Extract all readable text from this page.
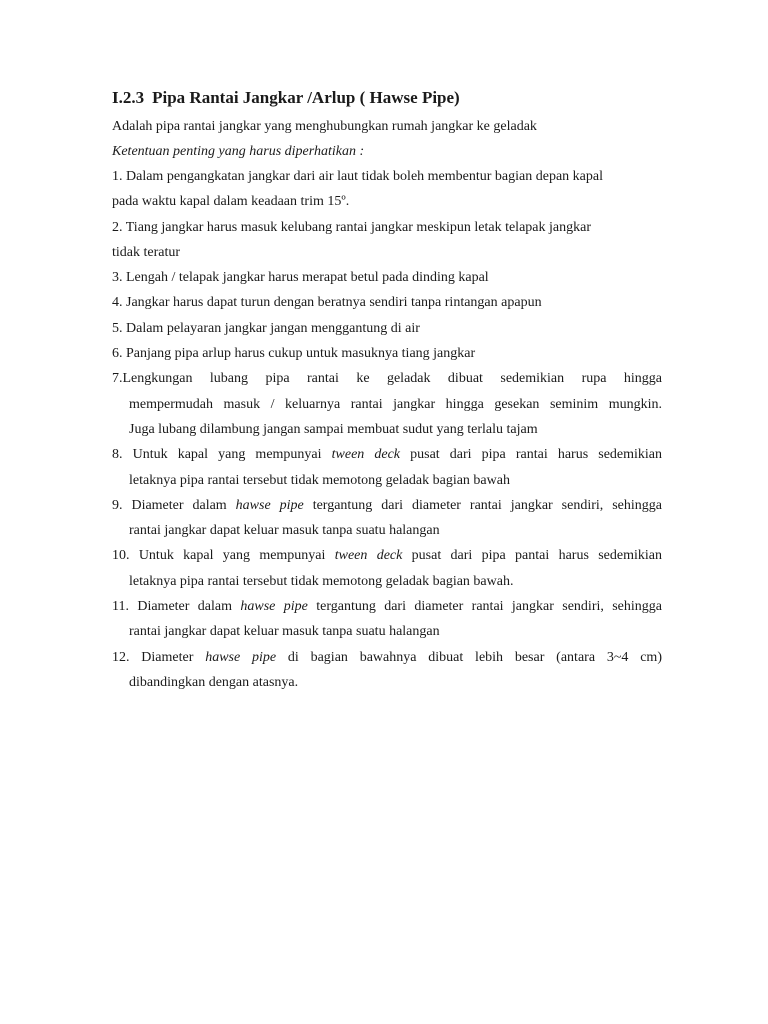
I.2.3 Pipa Rantai Jangkar /Arlup ( Hawse Pipe)

Adalah pipa rantai jangkar yang menghubungkan rumah jangkar ke geladak

Ketentuan penting yang harus diperhatikan :

1. Dalam pengangkatan jangkar dari air laut tidak boleh membentur bagian depan kapal
pada waktu kapal dalam keadaan trim 15º.
2. Tiang jangkar harus masuk kelubang rantai jangkar meskipun letak telapak jangkar
tidak teratur
3. Lengah / telapak jangkar harus merapat betul pada dinding kapal
4. Jangkar harus dapat turun dengan beratnya sendiri tanpa rintangan apapun
5. Dalam pelayaran jangkar jangan menggantung di air
6. Panjang pipa arlup harus cukup untuk masuknya tiang jangkar
7.Lengkungan lubang pipa rantai ke geladak dibuat sedemikian rupa hingga
mempermudah masuk / keluarnya rantai jangkar hingga gesekan seminim mungkin.
Juga lubang dilambung jangan sampai membuat sudut yang terlalu tajam
8. Untuk kapal yang mempunyai tween deck pusat dari pipa rantai harus sedemikian
letaknya pipa rantai tersebut tidak memotong geladak bagian bawah
9. Diameter dalam hawse pipe tergantung dari diameter rantai jangkar sendiri, sehingga
rantai jangkar dapat keluar masuk tanpa suatu halangan
10. Untuk kapal yang mempunyai tween deck pusat dari pipa pantai harus sedemikian
letaknya pipa rantai tersebut tidak memotong geladak bagian bawah.
11. Diameter dalam hawse pipe tergantung dari diameter rantai jangkar sendiri, sehingga
rantai jangkar dapat keluar masuk tanpa suatu halangan
12. Diameter hawse pipe di bagian bawahnya dibuat lebih besar (antara 3~4 cm)
dibandingkan dengan atasnya.
